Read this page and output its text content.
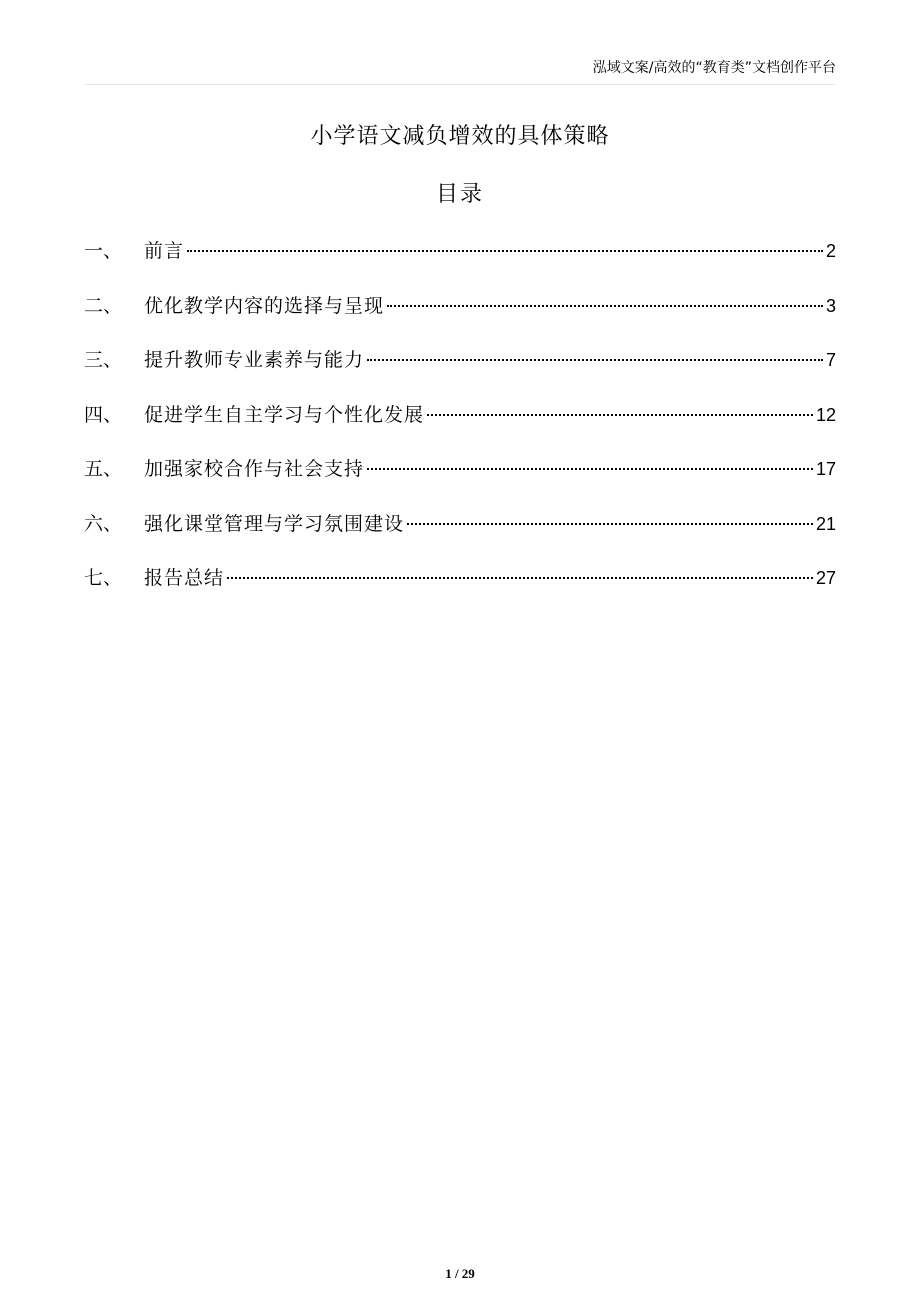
泓域文案/高效的“教育类”文档创作平台
小学语文减负增效的具体策略
目录
一、	前言	2
二、	优化教学内容的选择与呈现	3
三、	提升教师专业素养与能力	7
四、	促进学生自主学习与个性化发展	12
五、	加强家校合作与社会支持	17
六、	强化课堂管理与学习氛围建设	21
七、	报告总结	27
1 / 29
